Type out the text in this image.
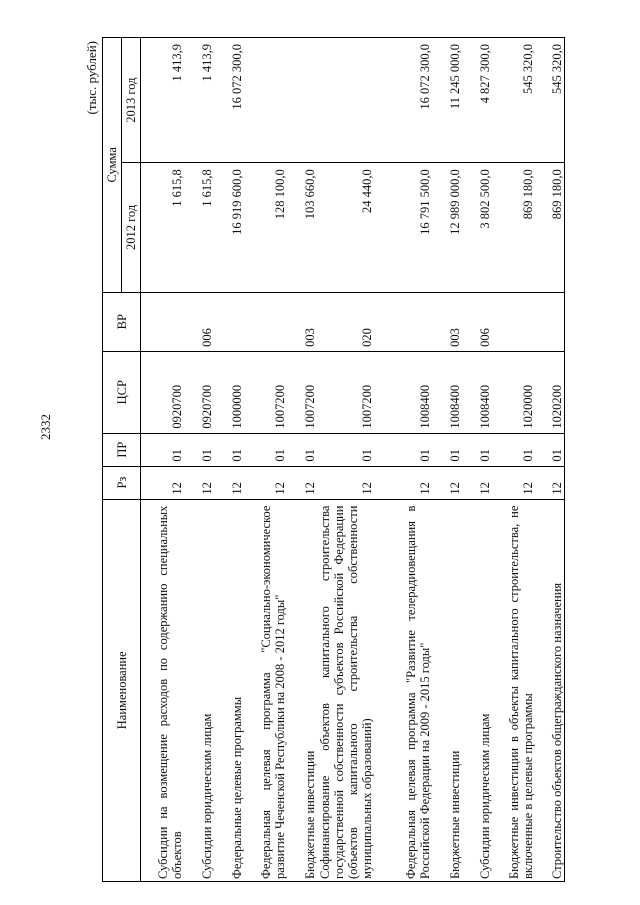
2332
(тыс. рублей)
Наименование	Рз	ПР	ЦСР	ВР	Сумма	
					2012 год	2013 год
Субсидии на возмещение расходов по содержанию специальных объектов	12	01	0920700		1 615,8	1 413,9
Субсидии юридическим лицам	12	01	0920700	006	1 615,8	1 413,9
Федеральные целевые программы	12	01	1000000		16 919 600,0	16 072 300,0
Федеральная целевая программа "Социально-экономическое развитие Чеченской Республики на 2008 - 2012 годы"	12	01	1007200		128 100,0	
Бюджетные инвестиции	12	01	1007200	003	103 660,0	
Софинансирование объектов капитального строительства государственной собственности субъектов Российской Федерации (объектов капитального строительства собственности муниципальных образований)	12	01	1007200	020	24 440,0	
Федеральная целевая программа "Развитие телерадиовещания в Российской Федерации на 2009 - 2015 годы"	12	01	1008400		16 791 500,0	16 072 300,0
Бюджетные инвестиции	12	01	1008400	003	12 989 000,0	11 245 000,0
Субсидии юридическим лицам	12	01	1008400	006	3 802 500,0	4 827 300,0
Бюджетные инвестиции в объекты капитального строительства, не включенные в целевые программы	12	01	1020000		869 180,0	545 320,0
Строительство объектов общегражданского назначения	12	01	1020200		869 180,0	545 320,0
